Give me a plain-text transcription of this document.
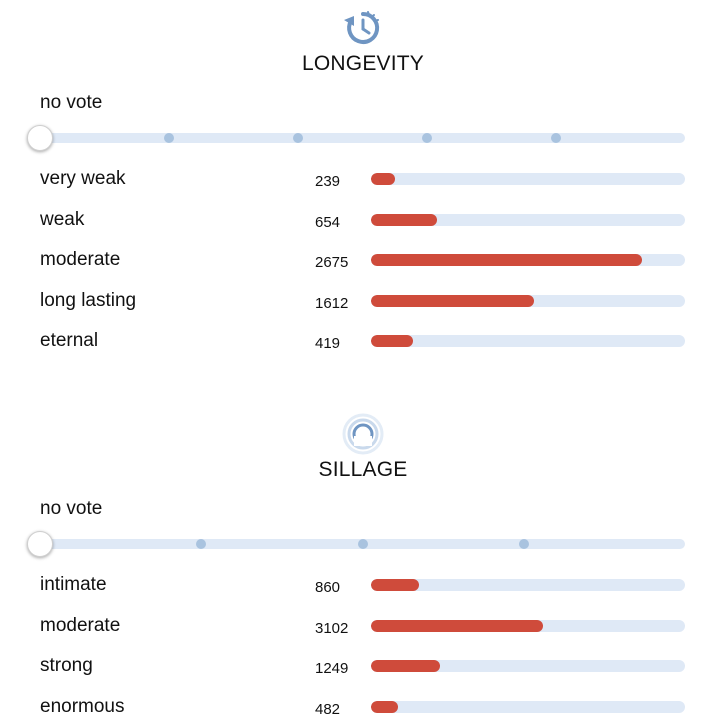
LONGEVITY
no vote
very weak	239
weak	654
moderate	2675
long lasting	1612
eternal	419
SILLAGE
no vote
intimate	860
moderate	3102
strong	1249
enormous	482
